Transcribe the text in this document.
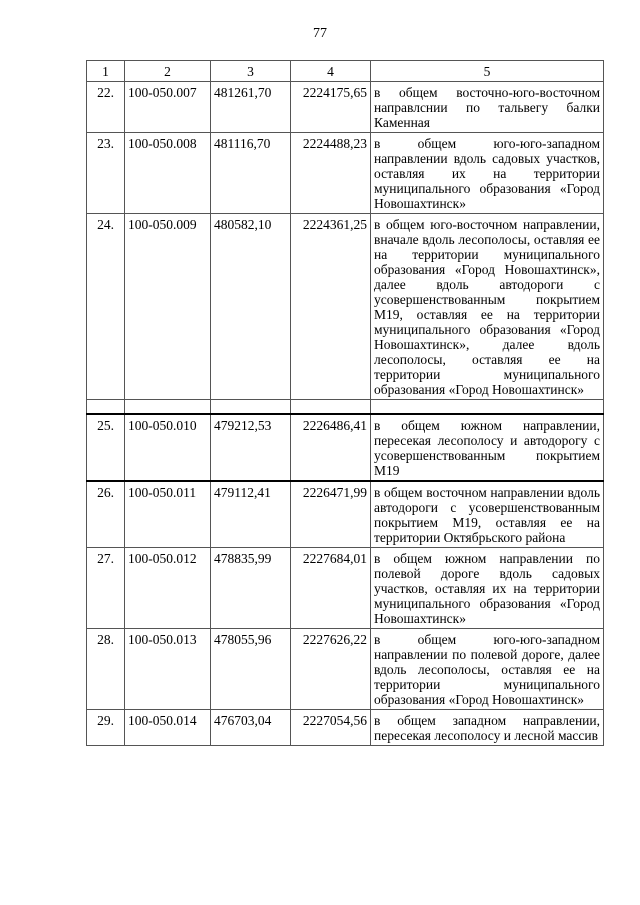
77
1	2	3	4	5
22.	100-050.007	481261,70	2224175,65	в общем восточно-юго-восточном направлснии по тальвегу балки Каменная
23.	100-050.008	481116,70	2224488,23	в общем юго-юго-западном направлении вдоль садовых участков, оставляя их на территории муниципального образования «Город Новошахтинск»
24.	100-050.009	480582,10	2224361,25	в общем юго-восточном направлении, вначале вдоль лесополосы, оставляя ее на территории муниципального образования «Город Новошахтинск», далее вдоль автодороги с усовершенствованным покрытием М19, оставляя ее на территории муниципального образования «Город Новошахтинск», далее вдоль лесополосы, оставляя ее на территории муниципального образования «Город Новошахтинск»

25.	100-050.010	479212,53	2226486,41	в общем южном направлении, пересекая лесополосу и автодорогу с усовершенствованным покрытием М19
26.	100-050.011	479112,41	2226471,99	в общем восточном направлении вдоль автодороги с усовершенствованным покрытием М19, оставляя ее на территории Октябрьского района
27.	100-050.012	478835,99	2227684,01	в общем южном направлении по полевой дороге вдоль садовых участков, оставляя их на территории муниципального образования «Город Новошахтинск»
28.	100-050.013	478055,96	2227626,22	в общем юго-юго-западном направлении по полевой дороге, далее вдоль лесополосы, оставляя ее на территории муниципального образования «Город Новошахтинск»
29.	100-050.014	476703,04	2227054,56	в общем западном направлении, пересекая лесополосу и лесной массив
